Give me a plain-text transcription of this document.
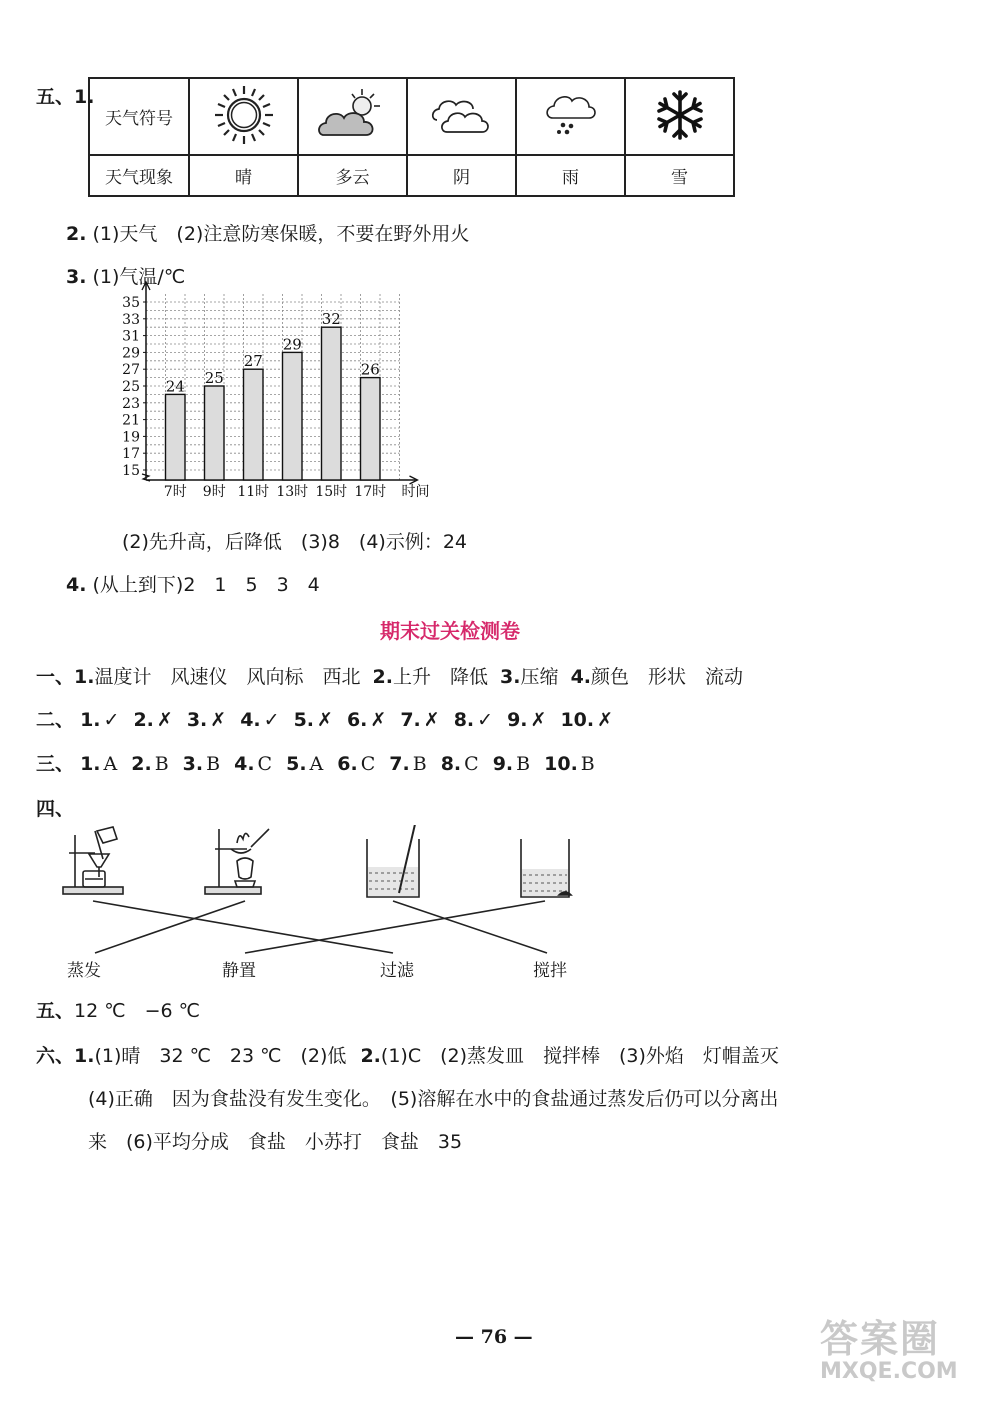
五、1.
天气符号					
天气现象	晴	多云	阴	雨	雪
2. (1)天气　(2)注意防寒保暖，不要在野外用火
3. (1)气温/℃
15
17
19
21
23
25
27
29
31
33
35
24
7时
25
9时
27
11时
29
13时
32
15时
26
17时 时间
(2)先升高，后降低　(3)8　(4)示例：24
4. (从上到下)2　1　5　3　4
期末过关检测卷
一、1.温度计　风速仪　风向标　西北 2.上升　降低 3.压缩 4.颜色　形状　流动
二、 1. ✓ 2. ✗ 3. ✗ 4. ✓ 5. ✗ 6. ✗ 7. ✗ 8. ✓ 9. ✗ 10. ✗
三、 1. A 2. B 3. B 4. C 5. A 6. C 7. B 8. C 9. B 10. B
四、
蒸发	静置	过滤	搅拌
五、12 ℃　−6 ℃
六、1.(1)晴　32 ℃　23 ℃　(2)低 2.(1)C　(2)蒸发皿　搅拌棒　(3)外焰　灯帽盖灭
(4)正确　因为食盐没有发生变化。　(5)溶解在水中的食盐通过蒸发后仍可以分离出
来　(6)平均分成　食盐　小苏打　食盐　35
— 76 —	答案圈
MXQE.COM
